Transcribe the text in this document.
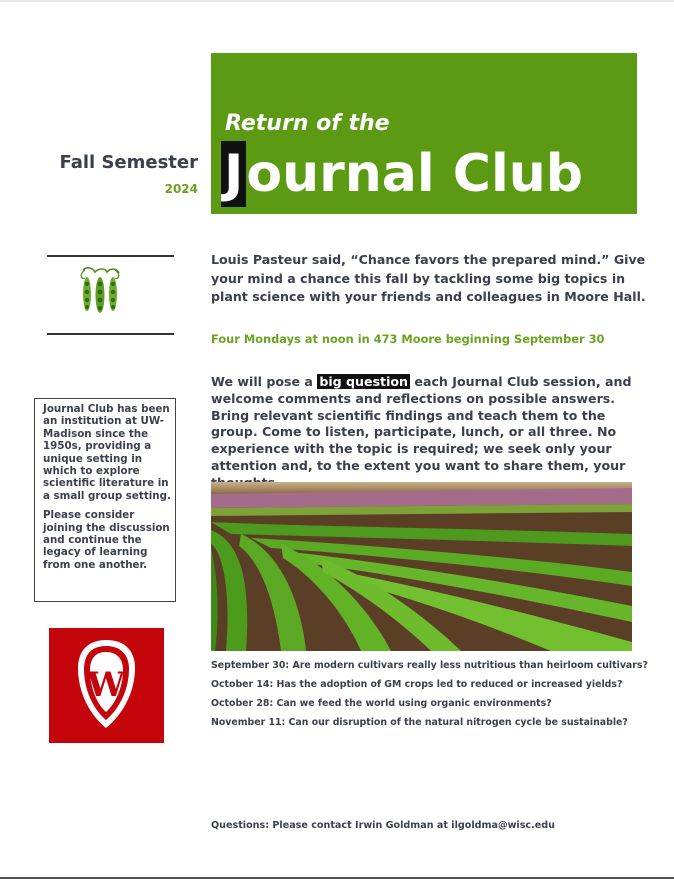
Return of the
J ournal Club
Fall Semester
2024
Louis Pasteur said, “Chance favors the prepared mind.” Give your mind a chance this fall by tackling some big topics in plant science with your friends and colleagues in Moore Hall.
Four Mondays at noon in 473 Moore beginning September 30
We will pose a big question each Journal Club session, and welcome comments and reflections on possible answers. Bring relevant scientific findings and teach them to the group. Come to listen, participate, lunch, or all three. No experience with the topic is required; we seek only your attention and, to the extent you want to share them, your

Journal Club has been an institution at UW-Madison since the 1950s, providing a unique setting in which to explore scientific literature in a small group setting.

Please consider joining the discussion and continue the legacy of learning from one another.

W	September 30: Are modern cultivars really less nutritious than heirloom cultivars?
October 14: Has the adoption of GM crops led to reduced or increased yields?
October 28: Can we feed the world using organic environments?
November 11: Can our disruption of the natural nitrogen cycle be sustainable?
Questions: Please contact Irwin Goldman at ilgoldma@wisc.edu
